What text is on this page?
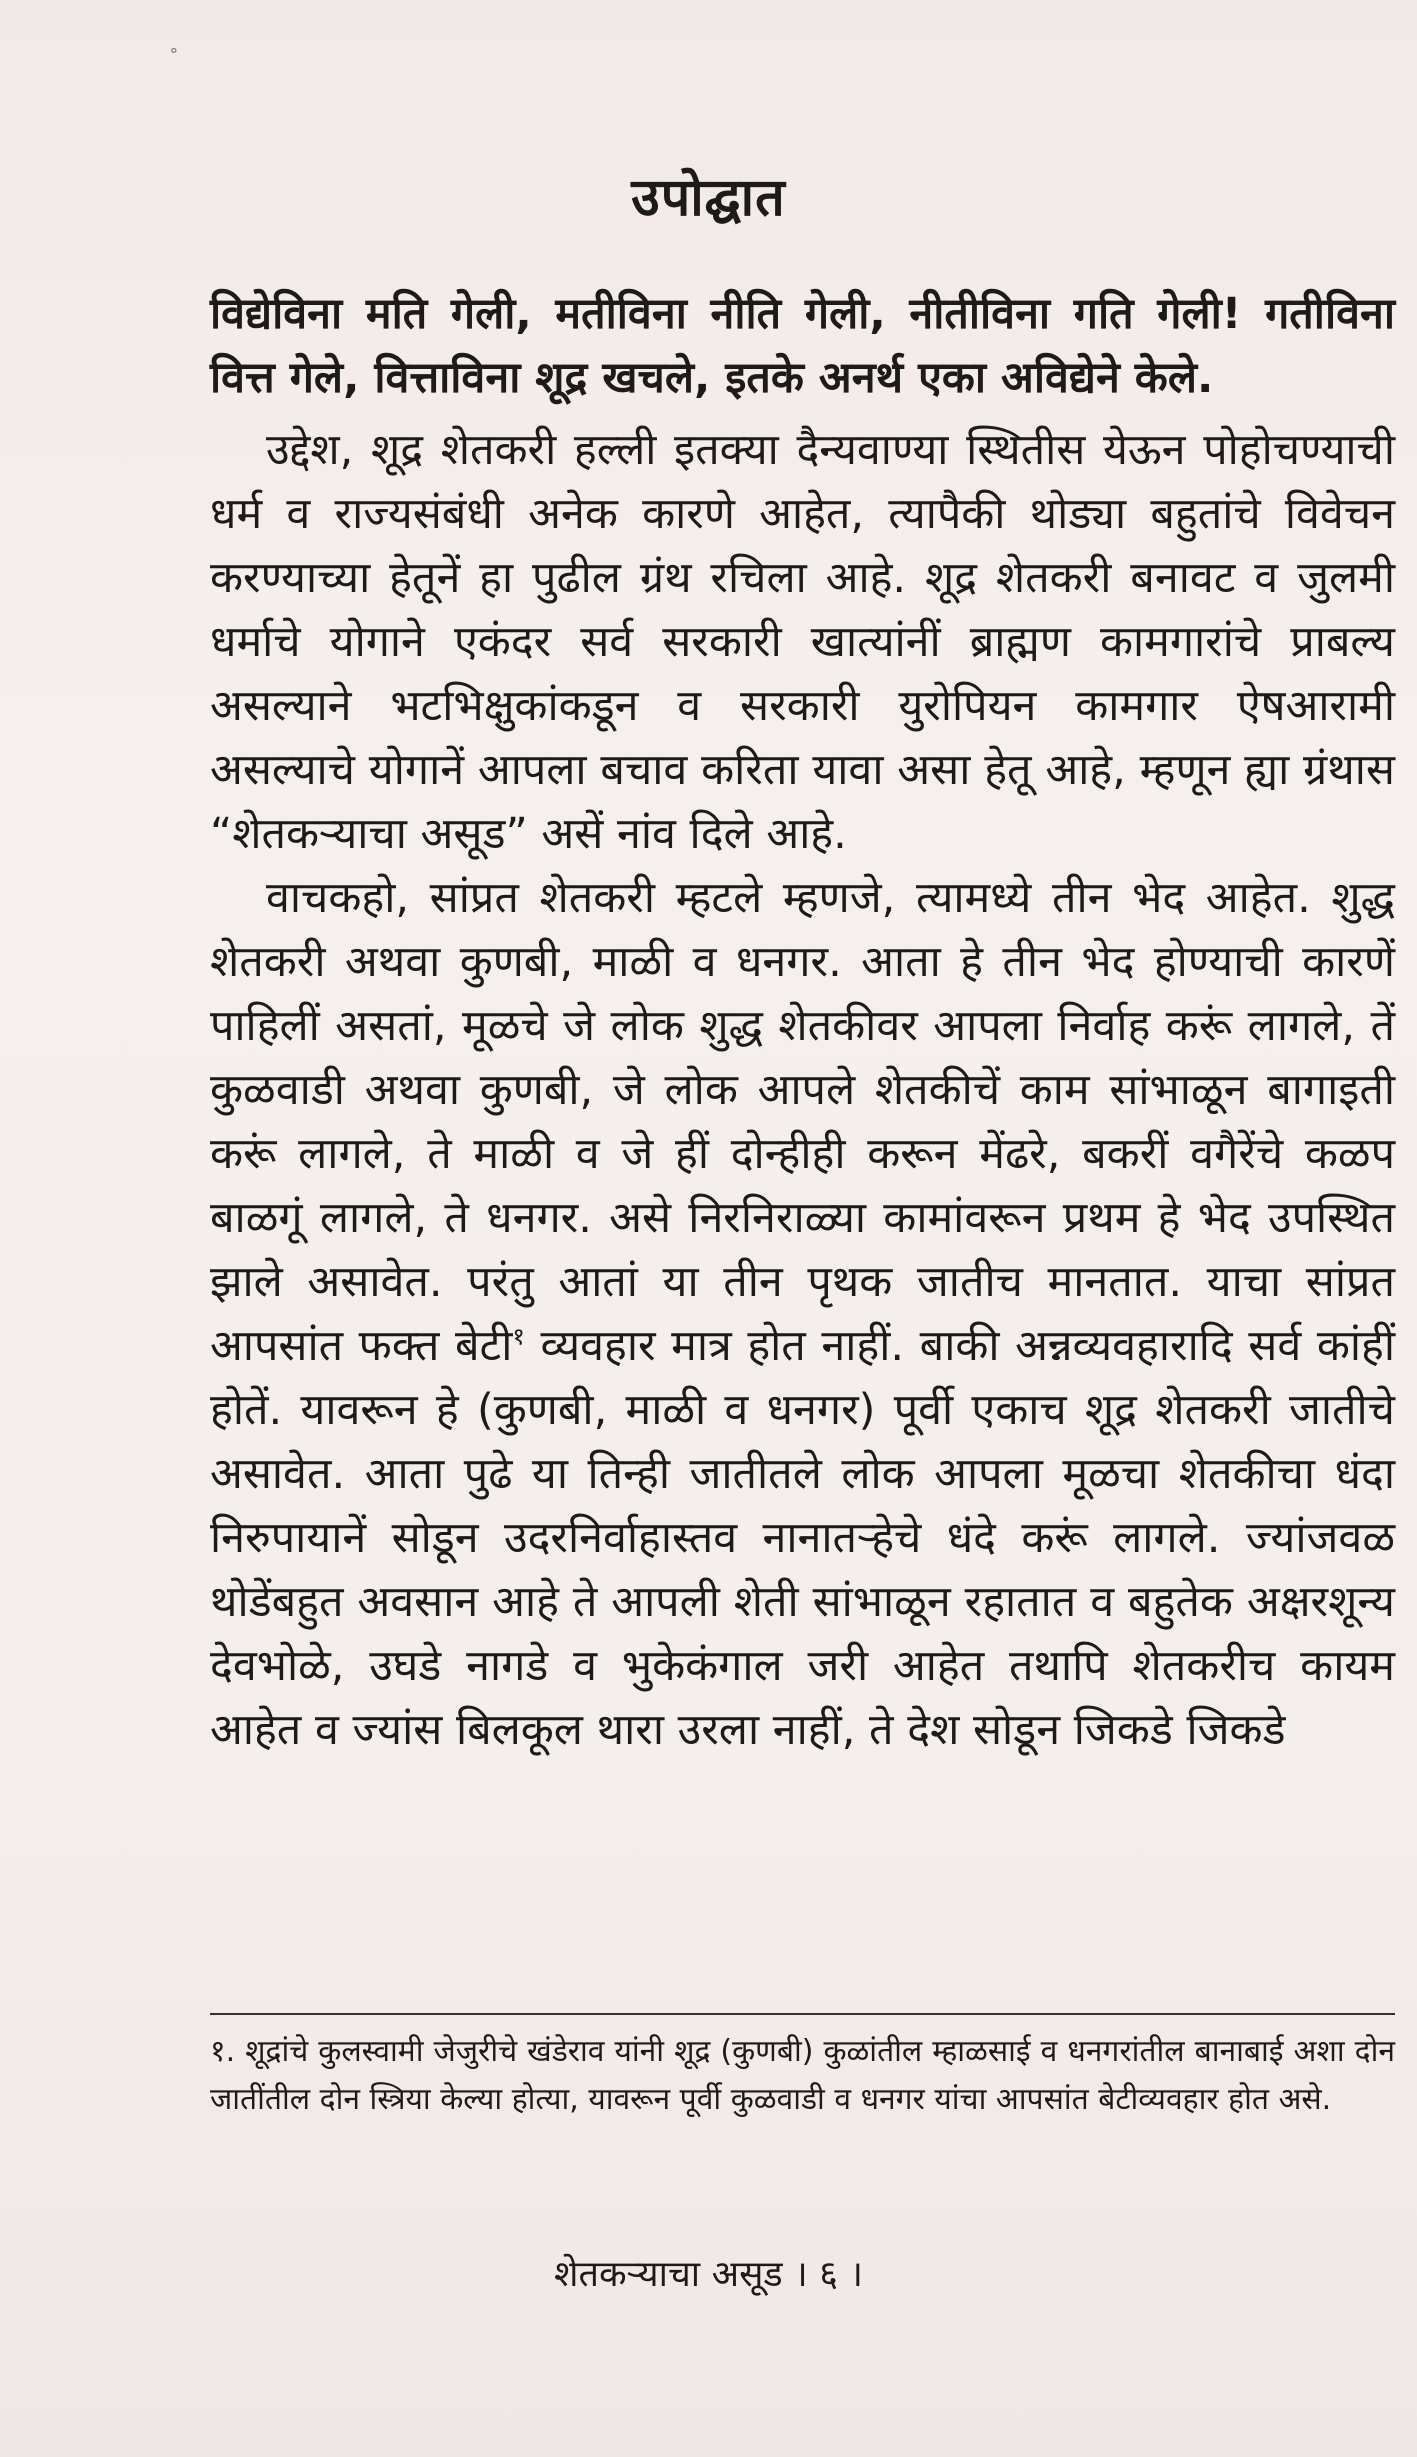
॰
उपोद्घात

विद्येविना मति गेली, मतीविना नीति गेली, नीतीविना गति गेली! गतीविना वित्त गेले, वित्ताविना शूद्र खचले, इतके अनर्थ एका अविद्येने केले.

उद्देश, शूद्र शेतकरी हल्ली इतक्या दैन्यवाण्या स्थितीस येऊन पोहोचण्याची धर्म व राज्यसंबंधी अनेक कारणे आहेत, त्यापैकी थोड्या बहुतांचे विवेचन करण्याच्या हेतूनें हा पुढील ग्रंथ रचिला आहे. शूद्र शेतकरी बनावट व जुलमी धर्माचे योगाने एकंदर सर्व सरकारी खात्यांनीं ब्राह्मण कामगारांचे प्राबल्य असल्याने भटभिक्षुकांकडून व सरकारी युरोपियन कामगार ऐषआरामी असल्याचे योगानें आपला बचाव करिता यावा असा हेतू आहे, म्हणून ह्या ग्रंथास “शेतकऱ्याचा असूड” असें नांव दिले आहे.

वाचकहो, सांप्रत शेतकरी म्हटले म्हणजे, त्यामध्ये तीन भेद आहेत. शुद्ध शेतकरी अथवा कुणबी, माळी व धनगर. आता हे तीन भेद होण्याची कारणें पाहिलीं असतां, मूळचे जे लोक शुद्ध शेतकीवर आपला निर्वाह करूं लागले, तें कुळवाडी अथवा कुणबी, जे लोक आपले शेतकीचें काम सांभाळून बागाइती करूं लागले, ते माळी व जे हीं दोन्हीही करून मेंढरे, बकरीं वगैरेंचे कळप बाळगूं लागले, ते धनगर. असे निरनिराळ्या कामांवरून प्रथम हे भेद उपस्थित झाले असावेत. परंतु आतां या तीन पृथक जातीच मानतात. याचा सांप्रत आपसांत फक्त बेटी$^१$ व्यवहार मात्र होत नाहीं. बाकी अन्नव्यवहारादि सर्व कांहीं होतें. यावरून हे (कुणबी, माळी व धनगर) पूर्वी एकाच शूद्र शेतकरी जातीचे असावेत. आता पुढे या तिन्ही जातीतले लोक आपला मूळचा शेतकीचा धंदा निरुपायानें सोडून उदरनिर्वाहास्तव नानातऱ्हेचे धंदे करूं लागले. ज्यांजवळ थोडेंबहुत अवसान आहे ते आपली शेती सांभाळून रहातात व बहुतेक अक्षरशून्य देवभोळे, उघडे नागडे व भुकेकंगाल जरी आहेत तथापि शेतकरीच कायम आहेत व ज्यांस बिलकूल थारा उरला नाहीं, ते देश सोडून जिकडे जिकडे

१. शूद्रांचे कुलस्वामी जेजुरीचे खंडेराव यांनी शूद्र (कुणबी) कुळांतील म्हाळसाई व धनगरांतील बानाबाई अशा दोन जातींतील दोन स्त्रिया केल्या होत्या, यावरून पूर्वी कुळवाडी व धनगर यांचा आपसांत बेटीव्यवहार होत असे.

शेतकऱ्याचा असूड । ६ ।
